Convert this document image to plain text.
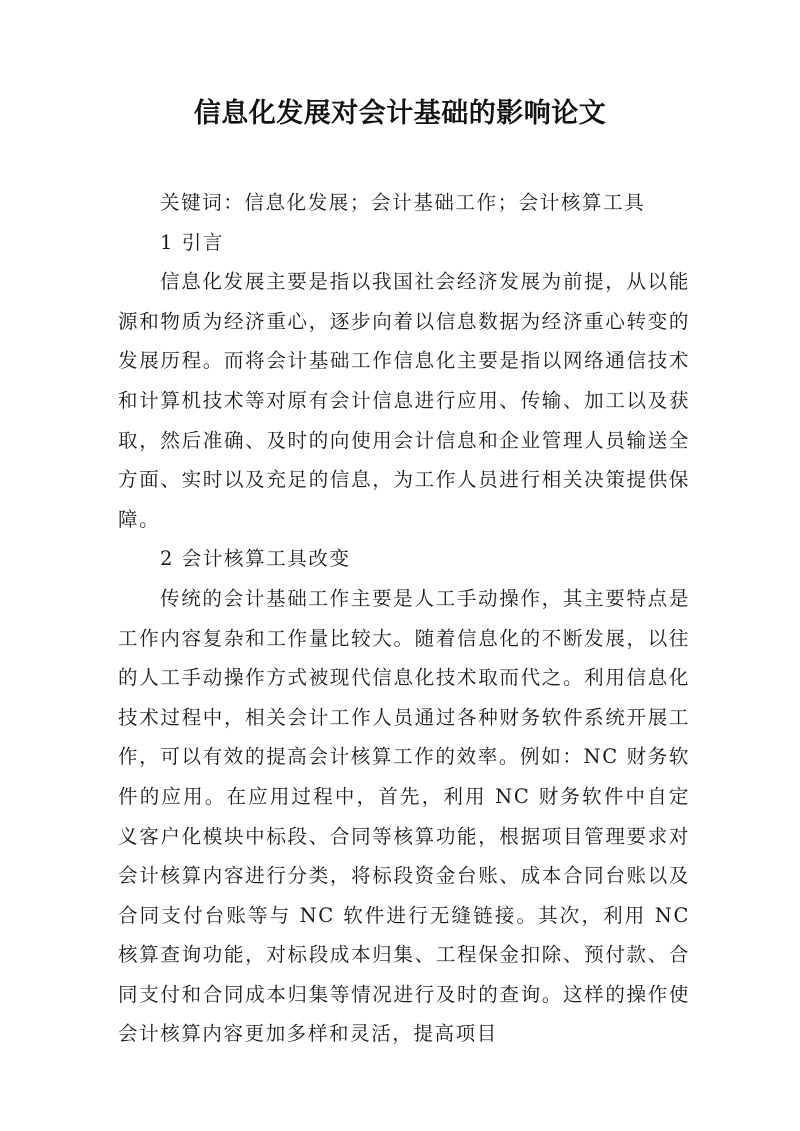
信息化发展对会计基础的影响论文

关键词：信息化发展；会计基础工作；会计核算工具

1 引言

信息化发展主要是指以我国社会经济发展为前提，从以能源和物质为经济重心，逐步向着以信息数据为经济重心转变的发展历程。而将会计基础工作信息化主要是指以网络通信技术和计算机技术等对原有会计信息进行应用、传输、加工以及获取，然后准确、及时的向使用会计信息和企业管理人员输送全方面、实时以及充足的信息，为工作人员进行相关决策提供保障。

2 会计核算工具改变

传统的会计基础工作主要是人工手动操作，其主要特点是工作内容复杂和工作量比较大。随着信息化的不断发展，以往的人工手动操作方式被现代信息化技术取而代之。利用信息化技术过程中，相关会计工作人员通过各种财务软件系统开展工作，可以有效的提高会计核算工作的效率。例如：NC 财务软件的应用。在应用过程中，首先，利用 NC 财务软件中自定义客户化模块中标段、合同等核算功能，根据项目管理要求对会计核算内容进行分类，将标段资金台账、成本合同台账以及合同支付台账等与 NC 软件进行无缝链接。其次，利用 NC 核算查询功能，对标段成本归集、工程保金扣除、预付款、合同支付和合同成本归集等情况进行及时的查询。这样的操作使会计核算内容更加多样和灵活，提高项目
